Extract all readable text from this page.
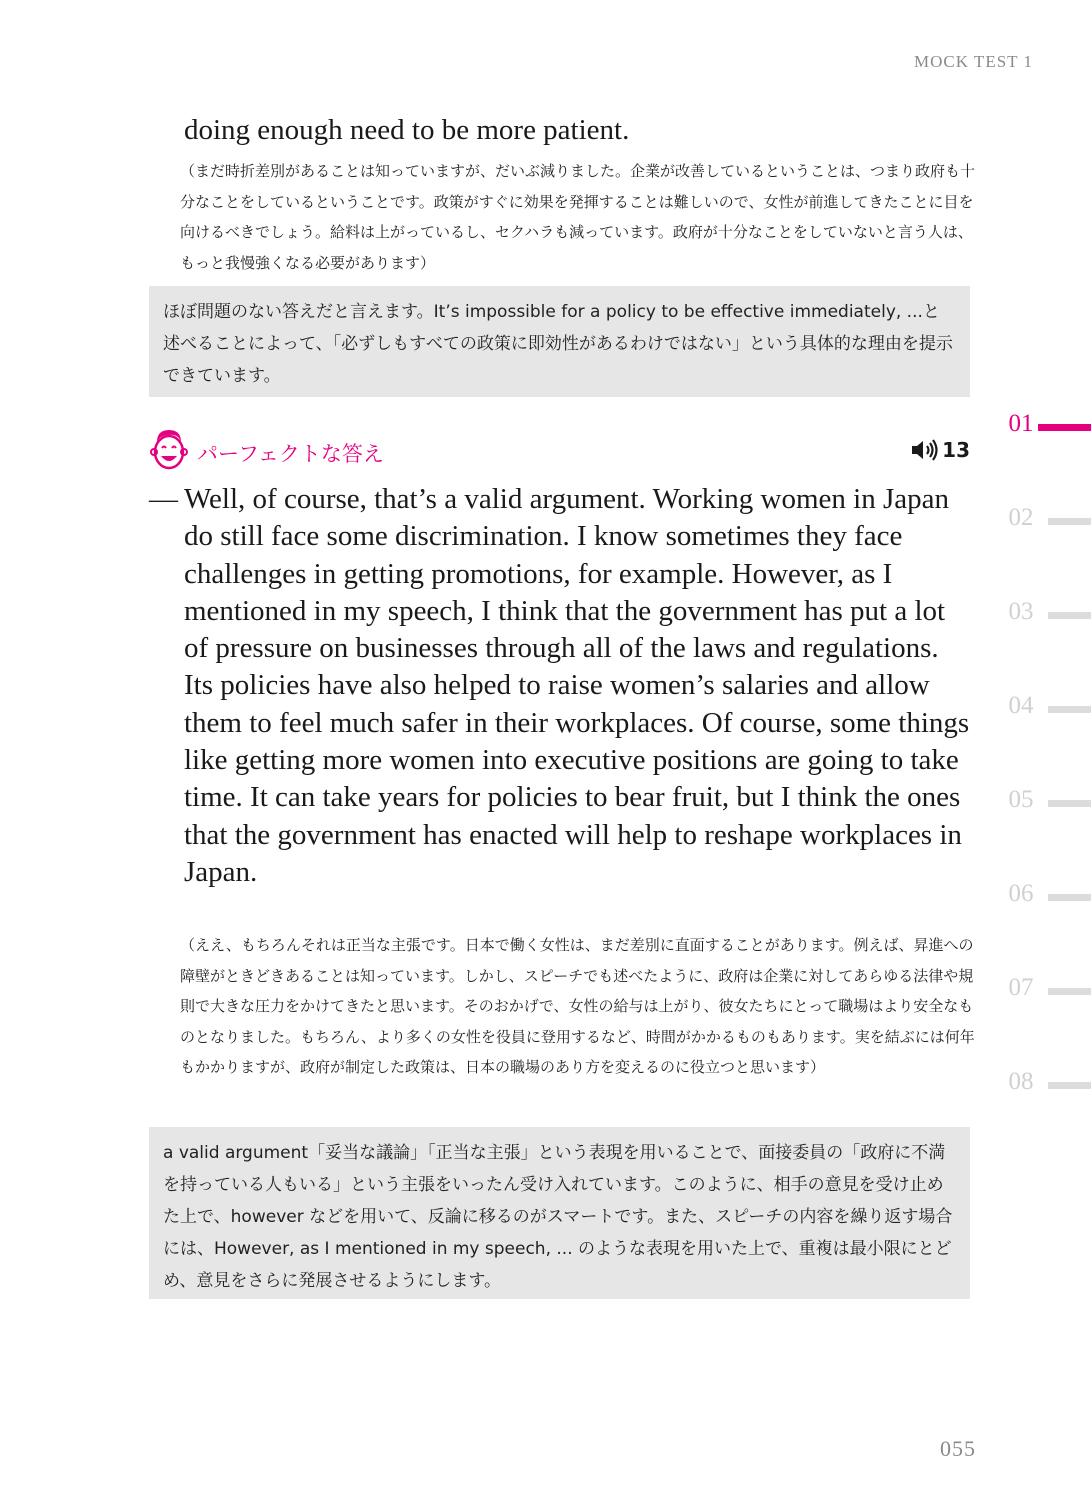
MOCK TEST 1

doing enough need to be more patient.

（まだ時折差別があることは知っていますが、だいぶ減りました。企業が改善しているということは、つまり政府も十分なことをしているということです。政策がすぐに効果を発揮することは難しいので、女性が前進してきたことに目を向けるべきでしょう。給料は上がっているし、セクハラも減っています。政府が十分なことをしていないと言う人は、もっと我慢強くなる必要があります）

ほぼ問題のない答えだと言えます。It’s impossible for a policy to be effective immediately, ...と述べることによって、「必ずしもすべての政策に即効性があるわけではない」という具体的な理由を提示できています。
パーフェクトな答え	13
— Well, of course, that’s a valid argument. Working women in Japan do still face some discrimination. I know sometimes they face challenges in getting promotions, for example. However, as I mentioned in my speech, I think that the government has put a lot of pressure on businesses through all of the laws and regulations. Its policies have also helped to raise women’s salaries and allow them to feel much safer in their workplaces. Of course, some things like getting more women into executive positions are going to take time. It can take years for policies to bear fruit, but I think the ones that the government has enacted will help to reshape workplaces in Japan.

（ええ、もちろんそれは正当な主張です。日本で働く女性は、まだ差別に直面することがあります。例えば、昇進への障壁がときどきあることは知っています。しかし、スピーチでも述べたように、政府は企業に対してあらゆる法律や規則で大きな圧力をかけてきたと思います。そのおかげで、女性の給与は上がり、彼女たちにとって職場はより安全なものとなりました。もちろん、より多くの女性を役員に登用するなど、時間がかかるものもあります。実を結ぶには何年もかかりますが、政府が制定した政策は、日本の職場のあり方を変えるのに役立つと思います）

a valid argument「妥当な議論」「正当な主張」という表現を用いることで、面接委員の「政府に不満を持っている人もいる」という主張をいったん受け入れています。このように、相手の意見を受け止めた上で、however などを用いて、反論に移るのがスマートです。また、スピーチの内容を繰り返す場合には、However, as I mentioned in my speech, ... のような表現を用いた上で、重複は最小限にとどめ、意見をさらに発展させるようにします。
01
02
03
04
05
06
07
08
055
